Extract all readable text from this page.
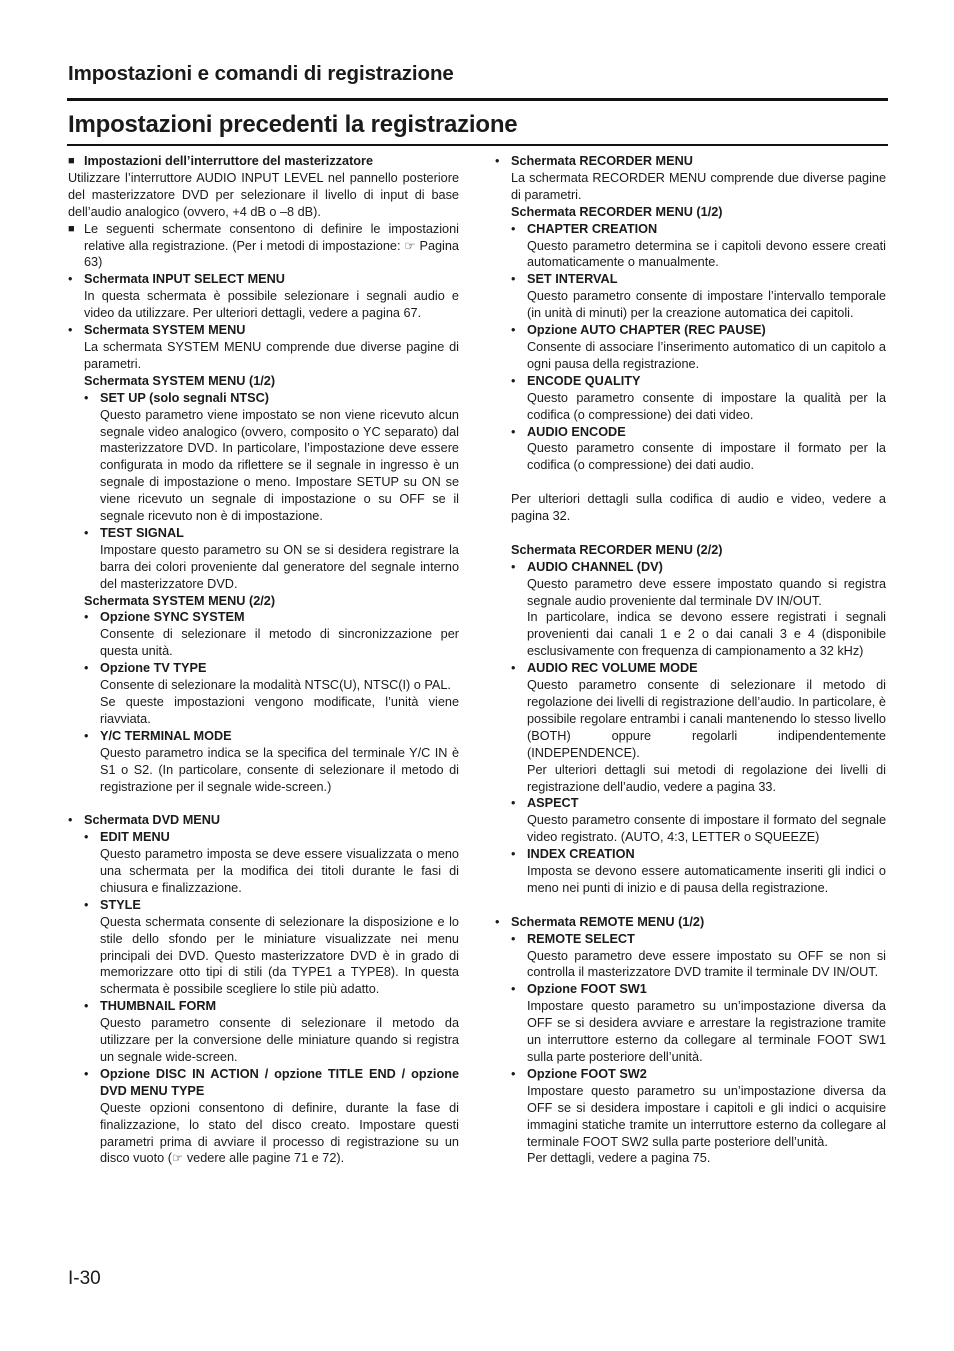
Impostazioni e comandi di registrazione
Impostazioni precedenti la registrazione
■ Impostazioni dell’interruttore del masterizzatore

Utilizzare l’interruttore AUDIO INPUT LEVEL nel pannello posteriore del masterizzatore DVD per selezionare il livello di input di base dell’audio analogico (ovvero, +4 dB o –8 dB).

■ Le seguenti schermate consentono di definire le impostazioni relative alla registrazione. (Per i metodi di impostazione: ☞ Pagina 63)
• Schermata INPUT SELECT MENU

In questa schermata è possibile selezionare i segnali audio e video da utilizzare. Per ulteriori dettagli, vedere a pagina 67.

• Schermata SYSTEM MENU

La schermata SYSTEM MENU comprende due diverse pagine di parametri.

Schermata SYSTEM MENU (1/2)

• SET UP (solo segnali NTSC)

Questo parametro viene impostato se non viene ricevuto alcun segnale video analogico (ovvero, composito o YC separato) dal masterizzatore DVD. In particolare, l’impostazione deve essere configurata in modo da riflettere se il segnale in ingresso è un segnale di impostazione o meno. Impostare SETUP su ON se viene ricevuto un segnale di impostazione o su OFF se il segnale ricevuto non è di impostazione.

• TEST SIGNAL

Impostare questo parametro su ON se si desidera registrare la barra dei colori proveniente dal generatore del segnale interno del masterizzatore DVD.

Schermata SYSTEM MENU (2/2)

• Opzione SYNC SYSTEM

Consente di selezionare il metodo di sincronizzazione per questa unità.

• Opzione TV TYPE

Consente di selezionare la modalità NTSC(U), NTSC(I) o PAL.

Se queste impostazioni vengono modificate, l’unità viene riavviata.

• Y/C TERMINAL MODE

Questo parametro indica se la specifica del terminale Y/C IN è S1 o S2. (In particolare, consente di selezionare il metodo di registrazione per il segnale wide-screen.)

• Schermata DVD MENU
• EDIT MENU

Questo parametro imposta se deve essere visualizzata o meno una schermata per la modifica dei titoli durante le fasi di chiusura e finalizzazione.

• STYLE

Questa schermata consente di selezionare la disposizione e lo stile dello sfondo per le miniature visualizzate nei menu principali dei DVD. Questo masterizzatore DVD è in grado di memorizzare otto tipi di stili (da TYPE1 a TYPE8). In questa schermata è possibile scegliere lo stile più adatto.

• THUMBNAIL FORM

Questo parametro consente di selezionare il metodo da utilizzare per la conversione delle miniature quando si registra un segnale wide-screen.

• Opzione DISC IN ACTION / opzione TITLE END / opzione DVD MENU TYPE

Queste opzioni consentono di definire, durante la fase di finalizzazione, lo stato del disco creato. Impostare questi parametri prima di avviare il processo di registrazione su un disco vuoto (☞ vedere alle pagine 71 e 72).

• Schermata RECORDER MENU

La schermata RECORDER MENU comprende due diverse pagine di parametri.

Schermata RECORDER MENU (1/2)

• CHAPTER CREATION

Questo parametro determina se i capitoli devono essere creati automaticamente o manualmente.

• SET INTERVAL

Questo parametro consente di impostare l’intervallo temporale (in unità di minuti) per la creazione automatica dei capitoli.

• Opzione AUTO CHAPTER (REC PAUSE)

Consente di associare l’inserimento automatico di un capitolo a ogni pausa della registrazione.

• ENCODE QUALITY

Questo parametro consente di impostare la qualità per la codifica (o compressione) dei dati video.

• AUDIO ENCODE

Questo parametro consente di impostare il formato per la codifica (o compressione) dei dati audio.

Per ulteriori dettagli sulla codifica di audio e video, vedere a pagina 32.

Schermata RECORDER MENU (2/2)

• AUDIO CHANNEL (DV)

Questo parametro deve essere impostato quando si registra segnale audio proveniente dal terminale DV IN/OUT.

In particolare, indica se devono essere registrati i segnali provenienti dai canali 1 e 2 o dai canali 3 e 4 (disponibile esclusivamente con frequenza di campionamento a 32 kHz)

• AUDIO REC VOLUME MODE

Questo parametro consente di selezionare il metodo di regolazione dei livelli di registrazione dell’audio. In particolare, è possibile regolare entrambi i canali mantenendo lo stesso livello (BOTH) oppure regolarli indipendentemente (INDEPENDENCE).

Per ulteriori dettagli sui metodi di regolazione dei livelli di registrazione dell’audio, vedere a pagina 33.

• ASPECT

Questo parametro consente di impostare il formato del segnale video registrato. (AUTO, 4:3, LETTER o SQUEEZE)

• INDEX CREATION

Imposta se devono essere automaticamente inseriti gli indici o meno nei punti di inizio e di pausa della registrazione.

• Schermata REMOTE MENU (1/2)
• REMOTE SELECT

Questo parametro deve essere impostato su OFF se non si controlla il masterizzatore DVD tramite il terminale DV IN/OUT.

• Opzione FOOT SW1

Impostare questo parametro su un’impostazione diversa da OFF se si desidera avviare e arrestare la registrazione tramite un interruttore esterno da collegare al terminale FOOT SW1 sulla parte posteriore dell’unità.

• Opzione FOOT SW2

Impostare questo parametro su un’impostazione diversa da OFF se si desidera impostare i capitoli e gli indici o acquisire immagini statiche tramite un interruttore esterno da collegare al terminale FOOT SW2 sulla parte posteriore dell’unità.

Per dettagli, vedere a pagina 75.

I-30
